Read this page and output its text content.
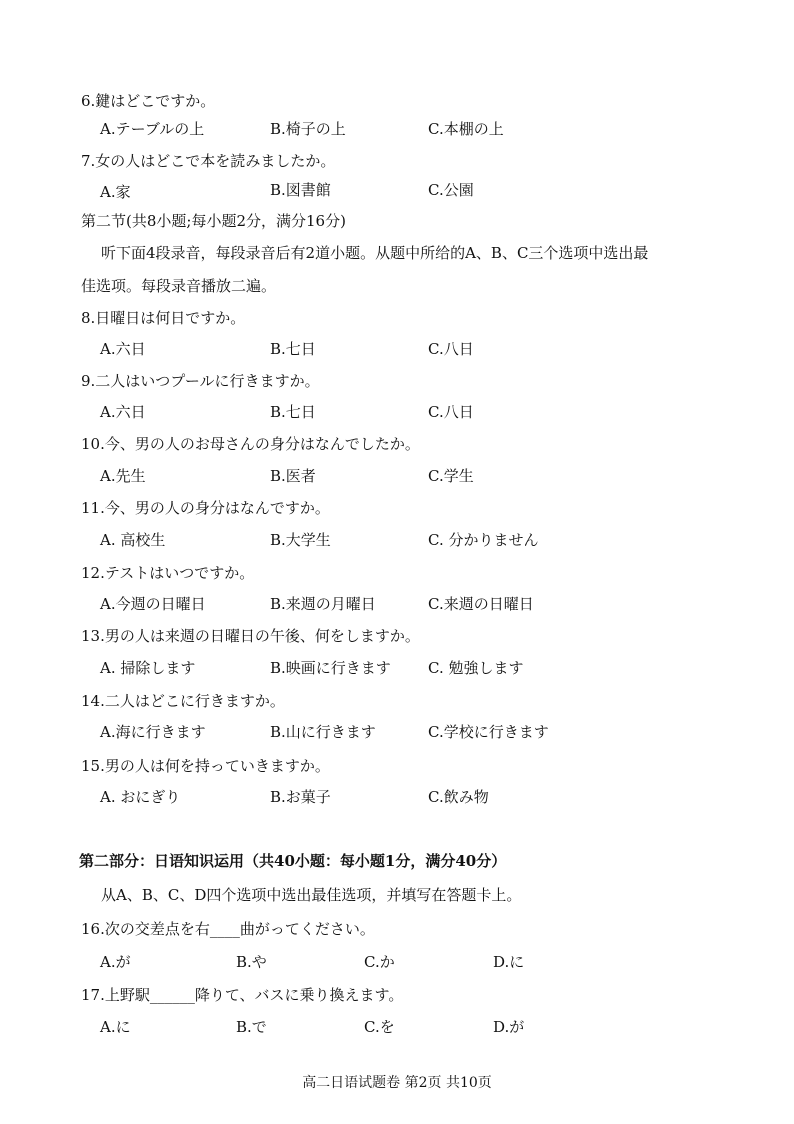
6.鍵はどこですか。
A.テーブルの上	B.椅子の上	C.本棚の上
7.女の人はどこで本を読みましたか。
A.家	B.図書館	C.公園
第二节(共8小题;每小题2分，满分16分)
听下面4段录音，每段录音后有2道小题。从题中所给的A、B、C三个选项中选出最
佳选项。每段录音播放二遍。
8.日曜日は何日ですか。
A.六日	B.七日	C.八日
9.二人はいつプールに行きますか。
A.六日	B.七日	C.八日
10.今、男の人のお母さんの身分はなんでしたか。
A.先生	B.医者	C.学生
11.今、男の人の身分はなんですか。
A. 高校生	B.大学生	C. 分かりません
12.テストはいつですか。
A.今週の日曜日	B.来週の月曜日	C.来週の日曜日
13.男の人は来週の日曜日の午後、何をしますか。
A. 掃除します	B.映画に行きます C. 勉強します
14.二人はどこに行きますか。
A.海に行きます	B.山に行きます	C.学校に行きます
15.男の人は何を持っていきますか。
A. おにぎり	B.お菓子	C.飲み物
第二部分：日语知识运用（共40小题：每小题1分，满分40分）
从A、B、C、D四个选项中选出最佳选项，并填写在答题卡上。
16.次の交差点を右____曲がってください。
A.が	B.や	C.か	D.に
17.上野駅______降りて、バスに乗り換えます。
A.に	B.で	C.を	D.が
高二日语试题卷 第2页 共10页
